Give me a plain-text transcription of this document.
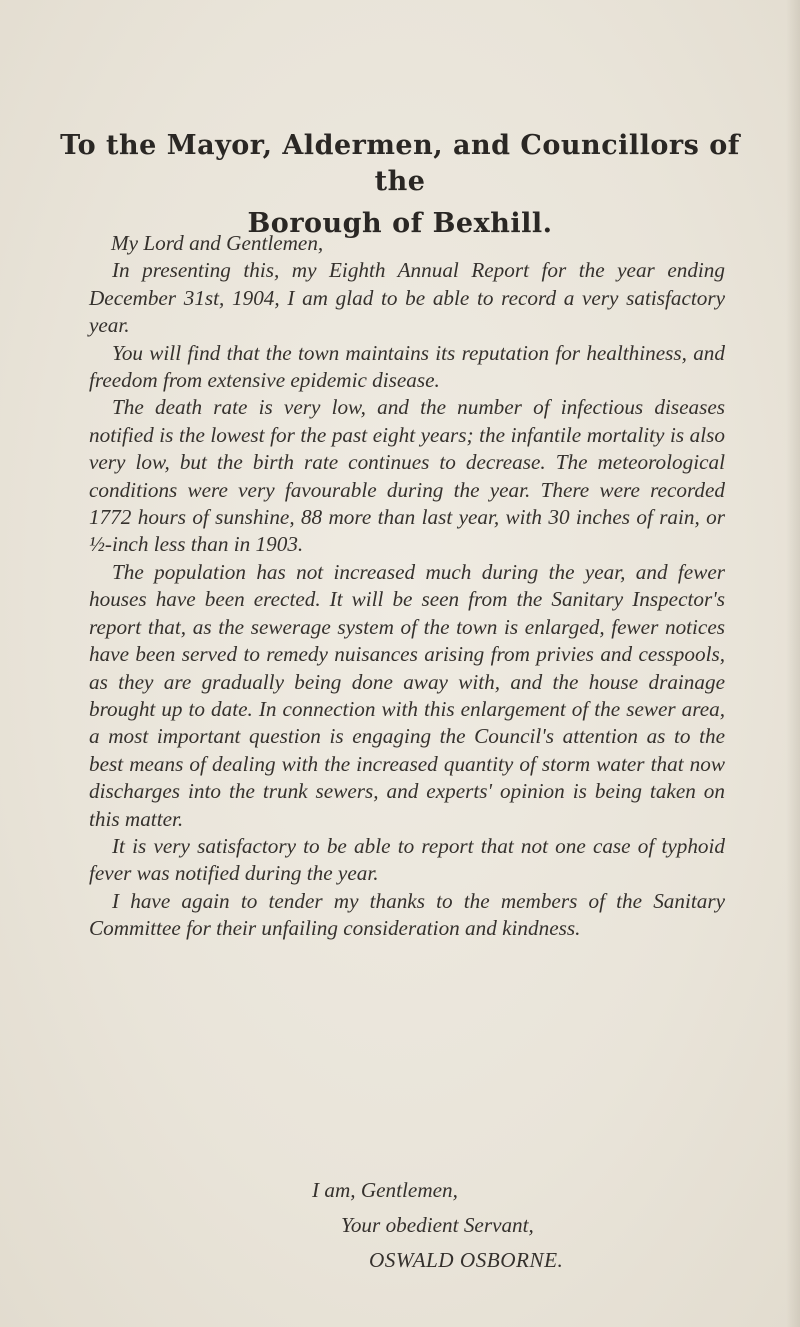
To the Mayor, Aldermen, and Councillors of the
Borough of Bexhill.

My Lord and Gentlemen,

In presenting this, my Eighth Annual Report for the year ending December 31st, 1904, I am glad to be able to record a very satisfactory year.

You will find that the town maintains its reputation for healthiness, and freedom from extensive epidemic disease.

The death rate is very low, and the number of infectious diseases notified is the lowest for the past eight years; the infantile mortality is also very low, but the birth rate continues to decrease. The meteorological conditions were very favourable during the year. There were recorded 1772 hours of sunshine, 88 more than last year, with 30 inches of rain, or ½-inch less than in 1903.

The population has not increased much during the year, and fewer houses have been erected. It will be seen from the Sanitary Inspector's report that, as the sewerage system of the town is enlarged, fewer notices have been served to remedy nuisances arising from privies and cesspools, as they are gradually being done away with, and the house drainage brought up to date. In connection with this enlargement of the sewer area, a most important question is engaging the Council's attention as to the best means of dealing with the increased quantity of storm water that now discharges into the trunk sewers, and experts' opinion is being taken on this matter.

It is very satisfactory to be able to report that not one case of typhoid fever was notified during the year.

I have again to tender my thanks to the members of the Sanitary Committee for their unfailing consideration and kindness.

I am, Gentlemen,
Your obedient Servant,
OSWALD OSBORNE.
